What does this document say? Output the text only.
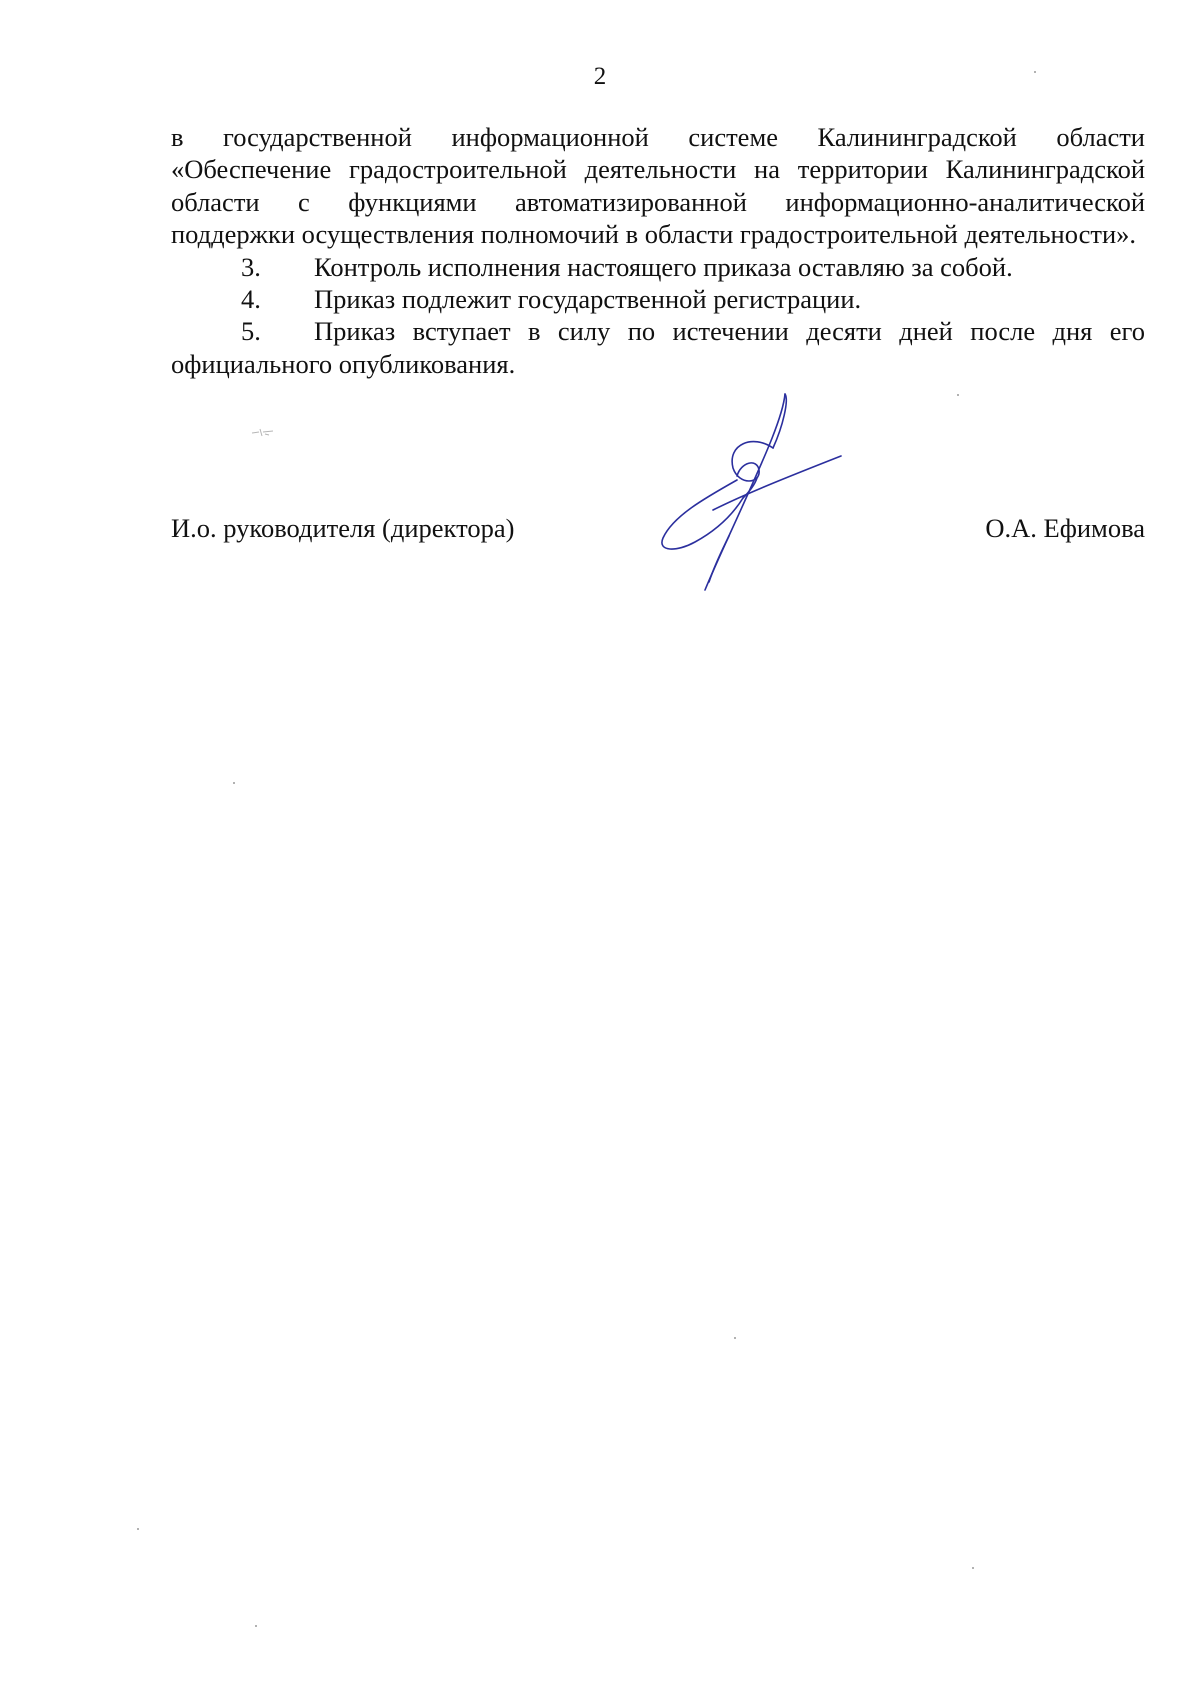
2

в государственной информационной системе Калининградской области «Обеспечение градостроительной деятельности на территории Калининградской области с функциями автоматизированной информационно-аналитической поддержки осуществления полномочий в области градостроительной деятельности».

3. Контроль исполнения настоящего приказа оставляю за собой.

4. Приказ подлежит государственной регистрации.

5. Приказ вступает в силу по истечении десяти дней после дня его официального опубликования.

И.о. руководителя (директора)	О.А. Ефимова
